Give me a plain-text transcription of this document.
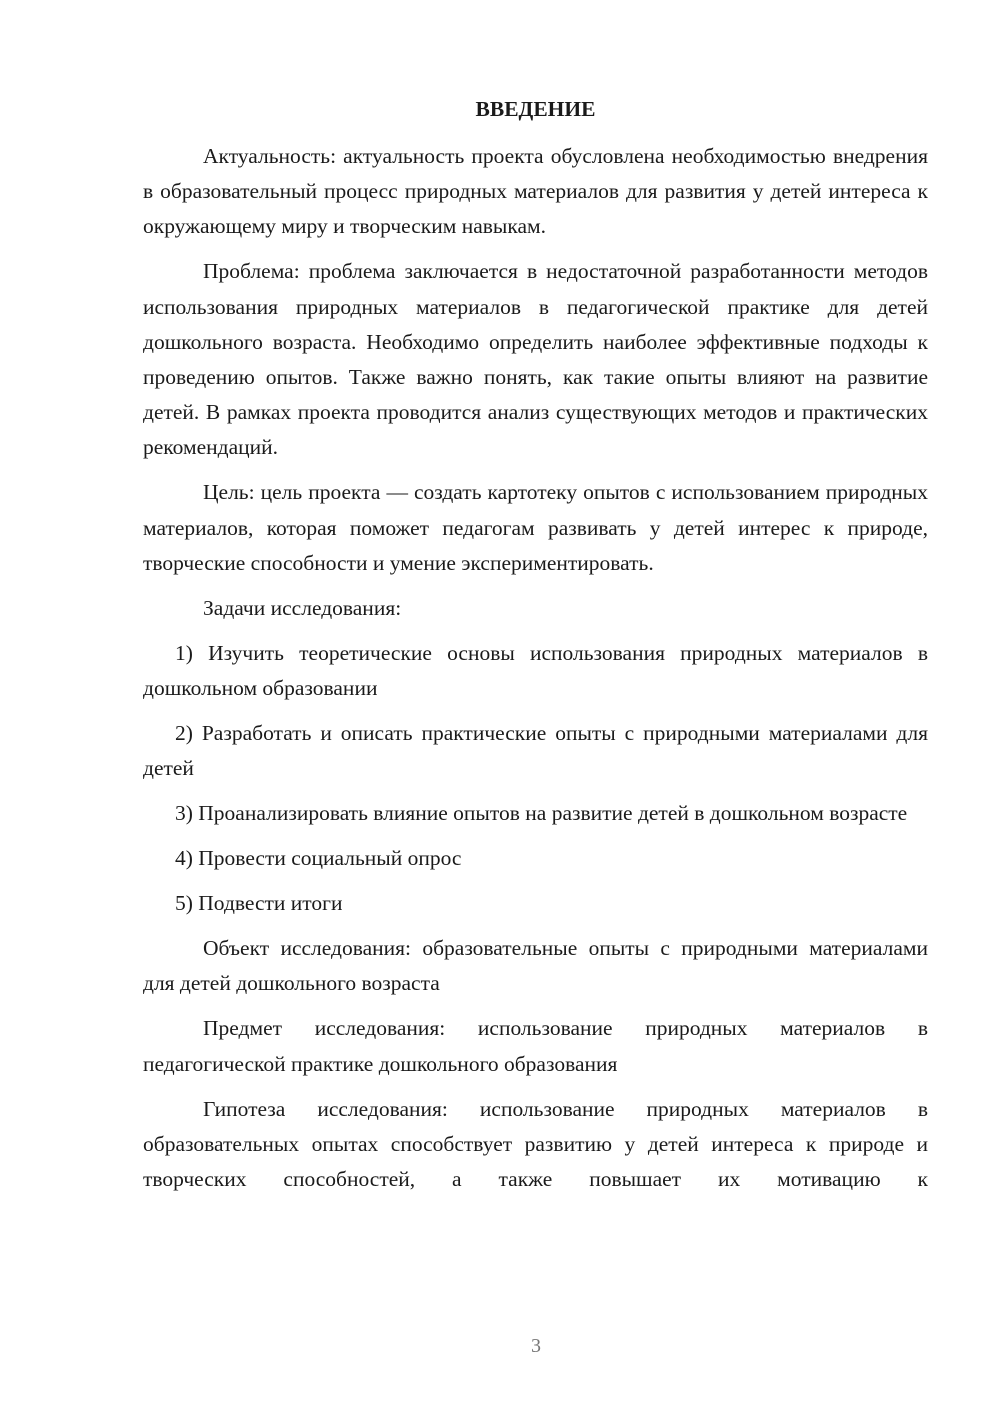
ВВЕДЕНИЕ

Актуальность: актуальность проекта обусловлена необходимостью внедрения в образовательный процесс природных материалов для развития у детей интереса к окружающему миру и творческим навыкам.

Проблема: проблема заключается в недостаточной разработанности методов использования природных материалов в педагогической практике для детей дошкольного возраста. Необходимо определить наиболее эффективные подходы к проведению опытов. Также важно понять, как такие опыты влияют на развитие детей. В рамках проекта проводится анализ существующих методов и практических рекомендаций.

Цель: цель проекта — создать картотеку опытов с использованием природных материалов, которая поможет педагогам развивать у детей интерес к природе, творческие способности и умение экспериментировать.

Задачи исследования:

1) Изучить теоретические основы использования природных материалов в дошкольном образовании

2) Разработать и описать практические опыты с природными материалами для детей

3) Проанализировать влияние опытов на развитие детей в дошкольном возрасте

4) Провести социальный опрос

5) Подвести итоги

Объект исследования: образовательные опыты с природными материалами для детей дошкольного возраста

Предмет исследования: использование природных материалов в педагогической практике дошкольного образования

Гипотеза исследования: использование природных материалов в образовательных опытах способствует развитию у детей интереса к природе и творческих способностей, а также повышает их мотивацию к

3
